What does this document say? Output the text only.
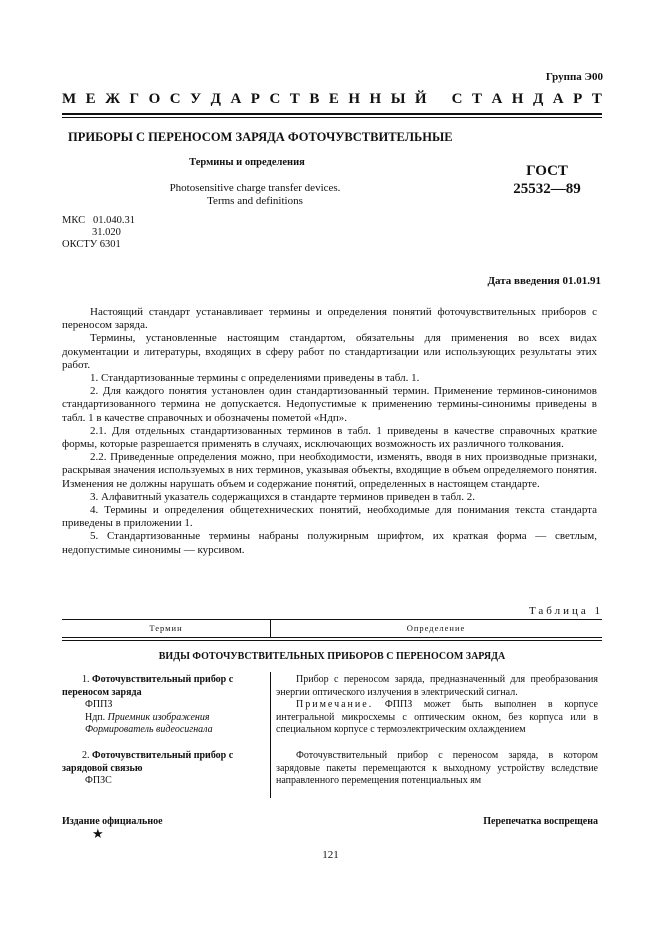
Группа Э00
М Е Ж Г О С У Д А Р С Т В Е Н Н Ы Й С Т А Н Д А Р Т
ПРИБОРЫ С ПЕРЕНОСОМ ЗАРЯДА ФОТОЧУВСТВИТЕЛЬНЫЕ
Термины и определения
Photosensitive charge transfer devices.
Terms and definitions
ГОСТ
25532—89
МКС 01.040.31
31.020
ОКСТУ 6301
Дата введения 01.01.91

Настоящий стандарт устанавливает термины и определения понятий фоточувствительных приборов с переносом заряда.

Термины, установленные настоящим стандартом, обязательны для применения во всех видах документации и литературы, входящих в сферу работ по стандартизации или использующих результаты этих работ.

1. Стандартизованные термины с определениями приведены в табл. 1.

2. Для каждого понятия установлен один стандартизованный термин. Применение терминов-синонимов стандартизованного термина не допускается. Недопустимые к применению термины-синонимы приведены в табл. 1 в качестве справочных и обозначены пометой «Ндп».

2.1. Для отдельных стандартизованных терминов в табл. 1 приведены в качестве справочных краткие формы, которые разрешается применять в случаях, исключающих возможность их различного толкования.

2.2. Приведенные определения можно, при необходимости, изменять, вводя в них производные признаки, раскрывая значения используемых в них терминов, указывая объекты, входящие в объем определяемого понятия. Изменения не должны нарушать объем и содержание понятий, определенных в настоящем стандарте.

3. Алфавитный указатель содержащихся в стандарте терминов приведен в табл. 2.

4. Термины и определения общетехнических понятий, необходимые для понимания текста стандарта приведены в приложении 1.

5. Стандартизованные термины набраны полужирным шрифтом, их краткая форма — светлым, недопустимые синонимы — курсивом.

Таблица 1
Термин	Определение
ВИДЫ ФОТОЧУВСТВИТЕЛЬНЫХ ПРИБОРОВ С ПЕРЕНОСОМ ЗАРЯДА
1. Фоточувствительный прибор с переносом заряда
ФППЗ
Ндп. Приемник изображения
Формирователь видеосигнала

Прибор с переносом заряда, предназначенный для преобразования энергии оптического излучения в электрический сигнал.

Примечание. ФППЗ может быть выполнен в корпусе интегральной микросхемы с оптическим окном, без корпуса или в специальном корпусе с термоэлектрическим охлаждением

2. Фоточувствительный прибор с зарядовой связью
ФПЗС

Фоточувствительный прибор с переносом заряда, в котором зарядовые пакеты перемещаются к выходному устройству вследствие направленного перемещения потенциальных ям

Издание официальное	Перепечатка воспрещена
★
121
